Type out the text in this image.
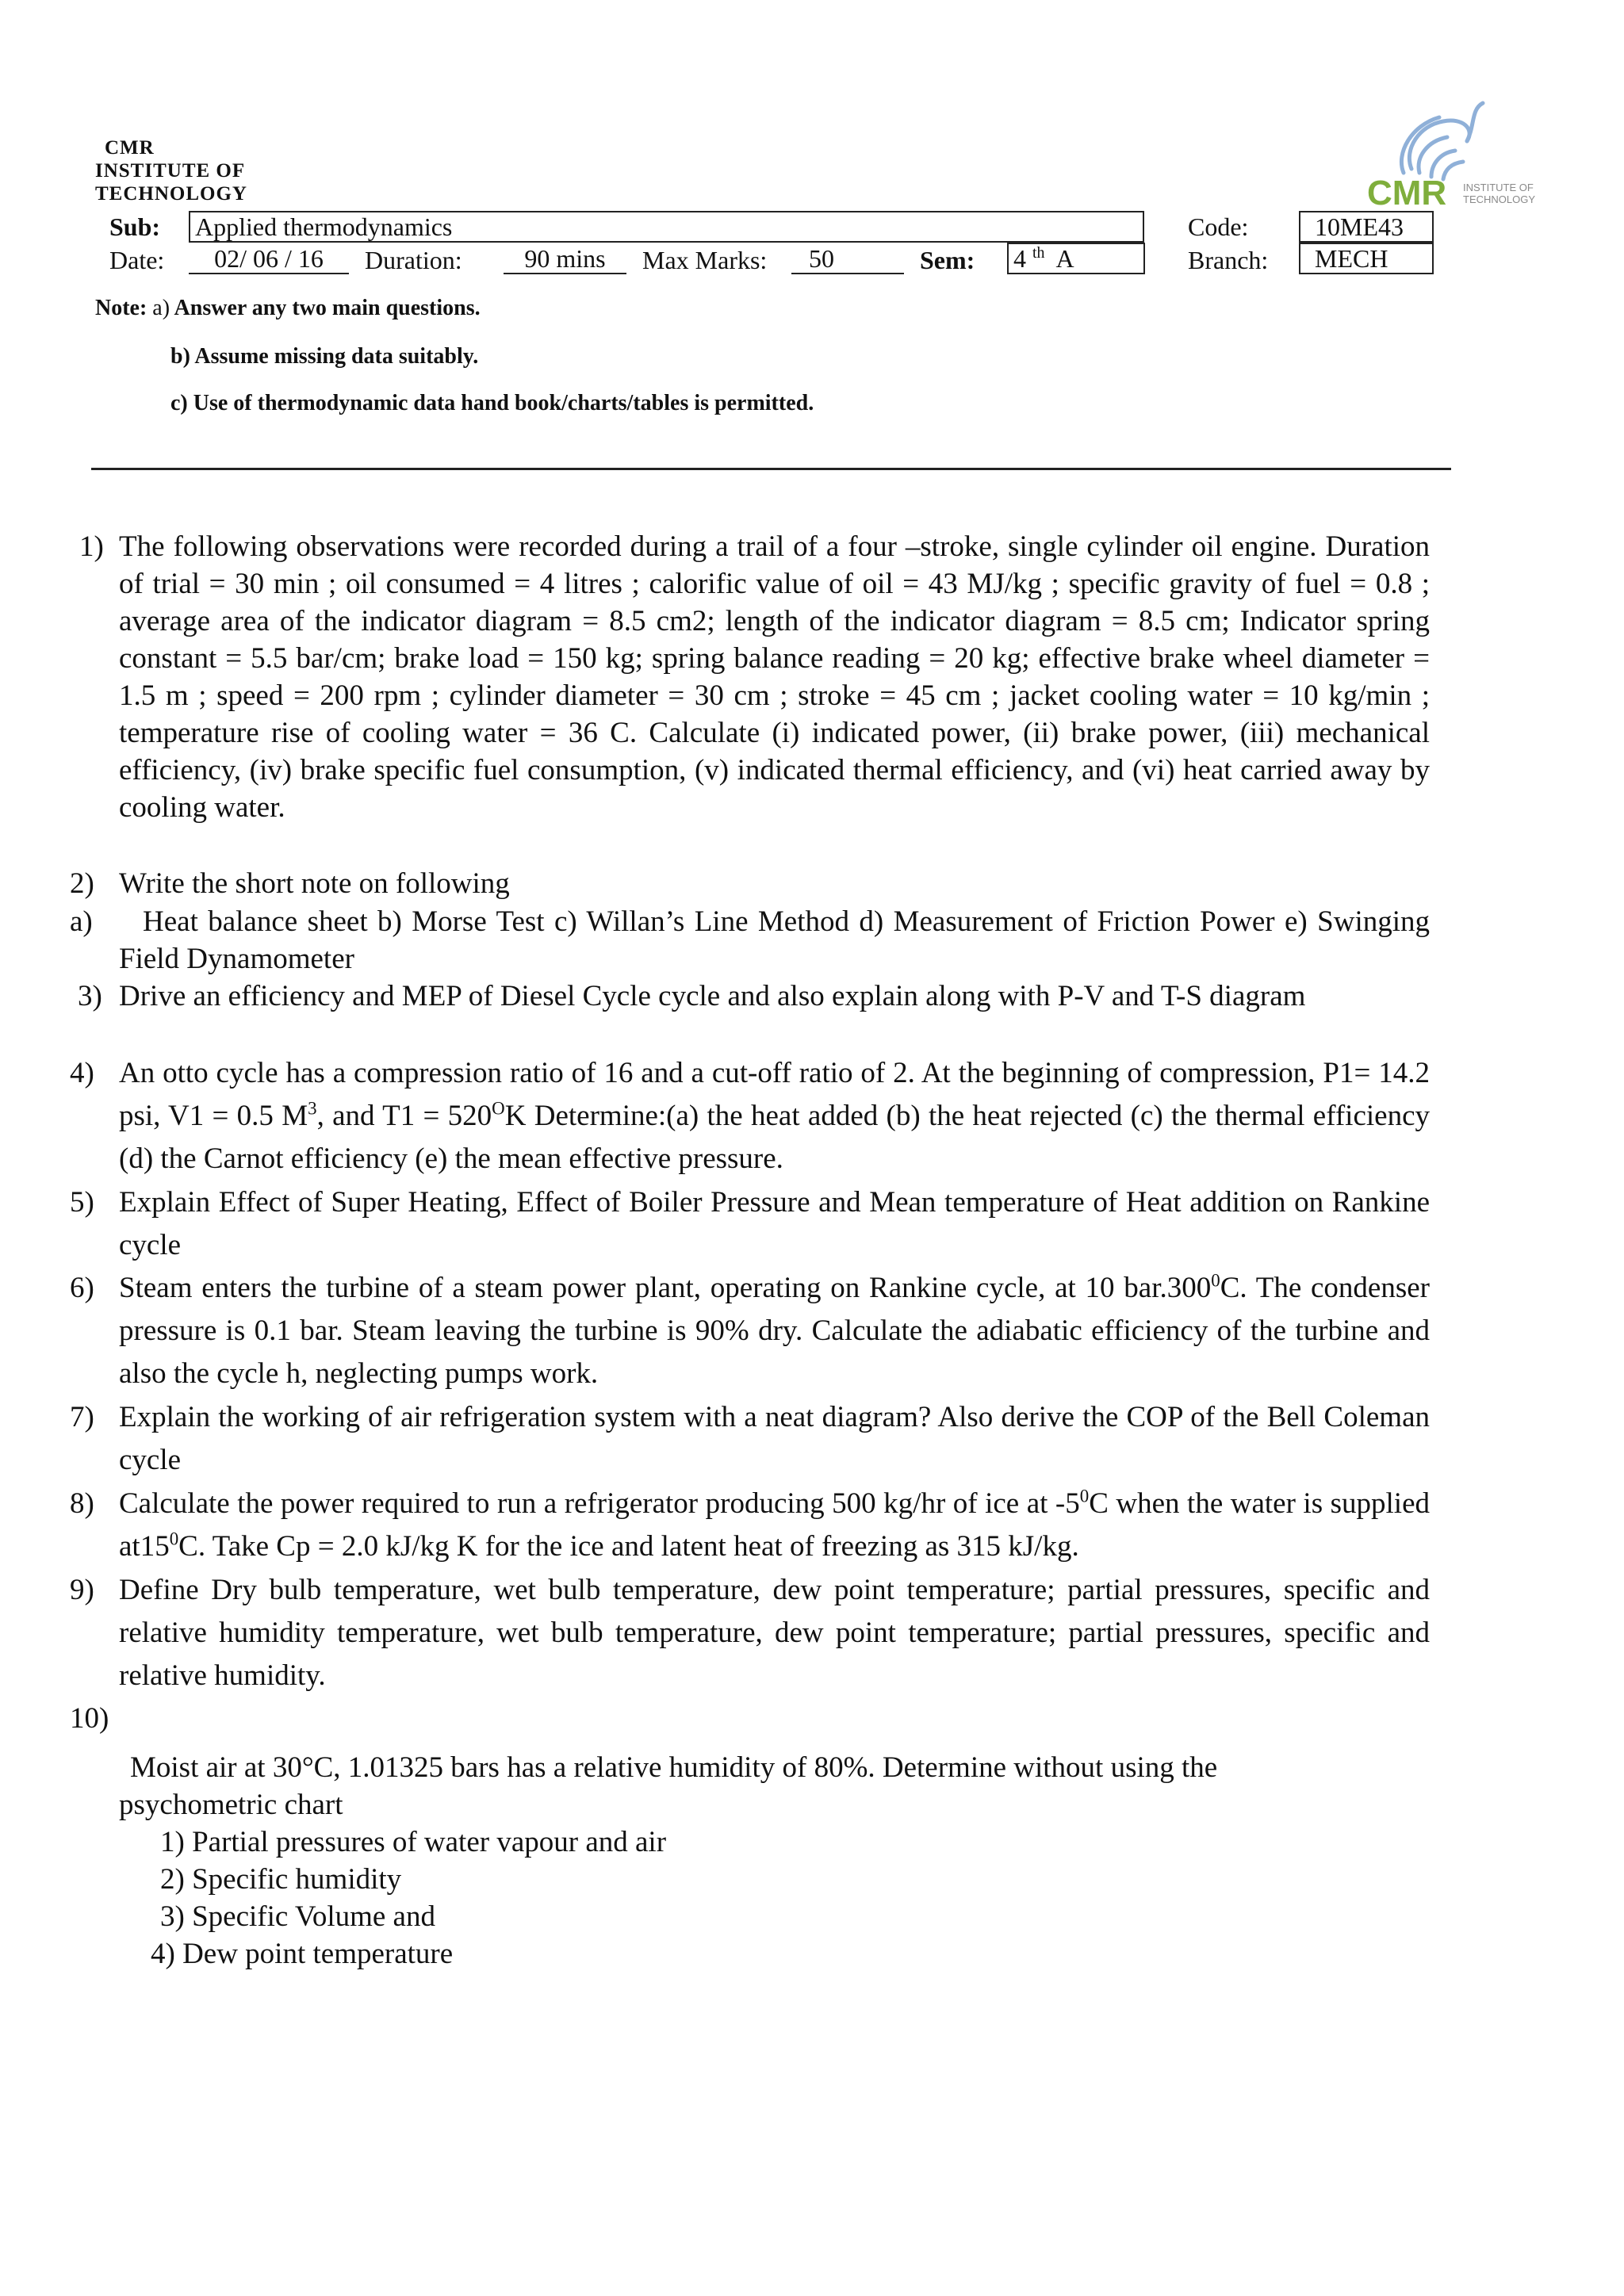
CMR
INSTITUTE OF
TECHNOLOGY	CMR INSTITUTE OF
TECHNOLOGY
Sub: Applied thermodynamics	Code:	10ME43
Date:	02/ 06 / 16	Duration:	90 mins	Max Marks:	50	Sem: 4 $^{th}$ A	Branch:	MECH
Note: a) Answer any two main questions.
b) Assume missing data suitably.
c) Use of thermodynamic data hand book/charts/tables is permitted.
1) The following observations were recorded during a trail of a four –stroke, single cylinder oil engine. Duration of trial = 30 min ; oil consumed = 4 litres ; calorific value of oil = 43 MJ/kg ; specific gravity of fuel = 0.8 ; average area of the indicator diagram = 8.5 cm2; length of the indicator diagram = 8.5 cm; Indicator spring constant = 5.5 bar/cm; brake load = 150 kg; spring balance reading = 20 kg; effective brake wheel diameter = 1.5 m ; speed = 200 rpm ; cylinder diameter = 30 cm ; stroke = 45 cm ; jacket cooling water = 10 kg/min ; temperature rise of cooling water = 36 C. Calculate (i) indicated power, (ii) brake power, (iii) mechanical efficiency, (iv) brake specific fuel consumption, (v) indicated thermal efficiency, and (vi) heat carried away by cooling water.
2) Write the short note on following
a)	Heat balance sheet b) Morse Test c) Willan’s Line Method d) Measurement of Friction Power e) Swinging Field Dynamometer
3) Drive an efficiency and MEP of Diesel Cycle cycle and also explain along with P-V and T-S diagram
4) An otto cycle has a compression ratio of 16 and a cut-off ratio of 2. At the beginning of compression, P1= 14.2 psi, V1 = 0.5 $M^3$, and $T1 = 520^OK$ Determine:(a) the heat added (b) the heat rejected (c) the thermal efficiency (d) the Carnot efficiency (e) the mean effective pressure.
5) Explain Effect of Super Heating, Effect of Boiler Pressure and Mean temperature of Heat addition on Rankine cycle
6) Steam enters the turbine of a steam power plant, operating on Rankine cycle, at 10 bar.300$^0$C. The condenser pressure is 0.1 bar. Steam leaving the turbine is 90% dry. Calculate the adiabatic efficiency of the turbine and also the cycle h, neglecting pumps work.
7) Explain the working of air refrigeration system with a neat diagram? Also derive the COP of the Bell Coleman cycle
8) Calculate the power required to run a refrigerator producing 500 kg/hr of ice at $-5^0C$ when the water is supplied $at15^0C$. Take Cp = 2.0 kJ/kg K for the ice and latent heat of freezing as 315 kJ/kg.
9) Define Dry bulb temperature, wet bulb temperature, dew point temperature; partial pressures, specific and relative humidity temperature, wet bulb temperature, dew point temperature; partial pressures, specific and relative humidity.
10)
Moist air at 30°C, 1.01325 bars has a relative humidity of 80%. Determine without using the psychometric chart
1) Partial pressures of water vapour and air
2) Specific humidity
3) Specific Volume and
4) Dew point temperature
